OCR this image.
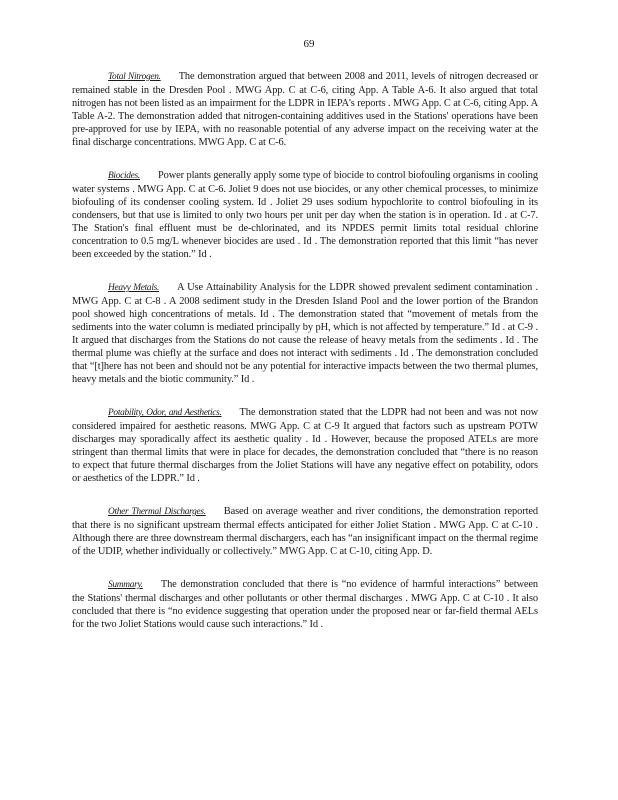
69

Total Nitrogen. The demonstration argued that between 2008 and 2011, levels of nitrogen decreased or remained stable in the Dresden Pool . MWG App. C at C-6, citing App. A Table A-6. It also argued that total nitrogen has not been listed as an impairment for the LDPR in IEPA's reports . MWG App. C at C-6, citing App. A Table A-2. The demonstration added that nitrogen-containing additives used in the Stations' operations have been pre-approved for use by IEPA, with no reasonable potential of any adverse impact on the receiving water at the final discharge concentrations. MWG App. C at C-6.

Biocides. Power plants generally apply some type of biocide to control biofouling organisms in cooling water systems . MWG App. C at C-6. Joliet 9 does not use biocides, or any other chemical processes, to minimize biofouling of its condenser cooling system. Id . Joliet 29 uses sodium hypochlorite to control biofouling in its condensers, but that use is limited to only two hours per unit per day when the station is in operation. Id . at C-7. The Station's final effluent must be de-chlorinated, and its NPDES permit limits total residual chlorine concentration to 0.5 mg/L whenever biocides are used . Id . The demonstration reported that this limit “has never been exceeded by the station.” Id .

Heavy Metals. A Use Attainability Analysis for the LDPR showed prevalent sediment contamination . MWG App. C at C-8 . A 2008 sediment study in the Dresden Island Pool and the lower portion of the Brandon pool showed high concentrations of metals. Id . The demonstration stated that “movement of metals from the sediments into the water column is mediated principally by pH, which is not affected by temperature.” Id . at C-9 . It argued that discharges from the Stations do not cause the release of heavy metals from the sediments . Id . The thermal plume was chiefly at the surface and does not interact with sediments . Id . The demonstration concluded that “[t]here has not been and should not be any potential for interactive impacts between the two thermal plumes, heavy metals and the biotic community.” Id .

Potability, Odor, and Aesthetics. The demonstration stated that the LDPR had not been and was not now considered impaired for aesthetic reasons. MWG App. C at C-9 It argued that factors such as upstream POTW discharges may sporadically affect its aesthetic quality . Id . However, because the proposed ATELs are more stringent than thermal limits that were in place for decades, the demonstration concluded that “there is no reason to expect that future thermal discharges from the Joliet Stations will have any negative effect on potability, odors or aesthetics of the LDPR.” Id .

Other Thermal Discharges. Based on average weather and river conditions, the demonstration reported that there is no significant upstream thermal effects anticipated for either Joliet Station . MWG App. C at C-10 . Although there are three downstream thermal dischargers, each has “an insignificant impact on the thermal regime of the UDIP, whether individually or collectively.” MWG App. C at C-10, citing App. D.

Summary. The demonstration concluded that there is “no evidence of harmful interactions” between the Stations' thermal discharges and other pollutants or other thermal discharges . MWG App. C at C-10 . It also concluded that there is “no evidence suggesting that operation under the proposed near or far-field thermal AELs for the two Joliet Stations would cause such interactions.” Id .
